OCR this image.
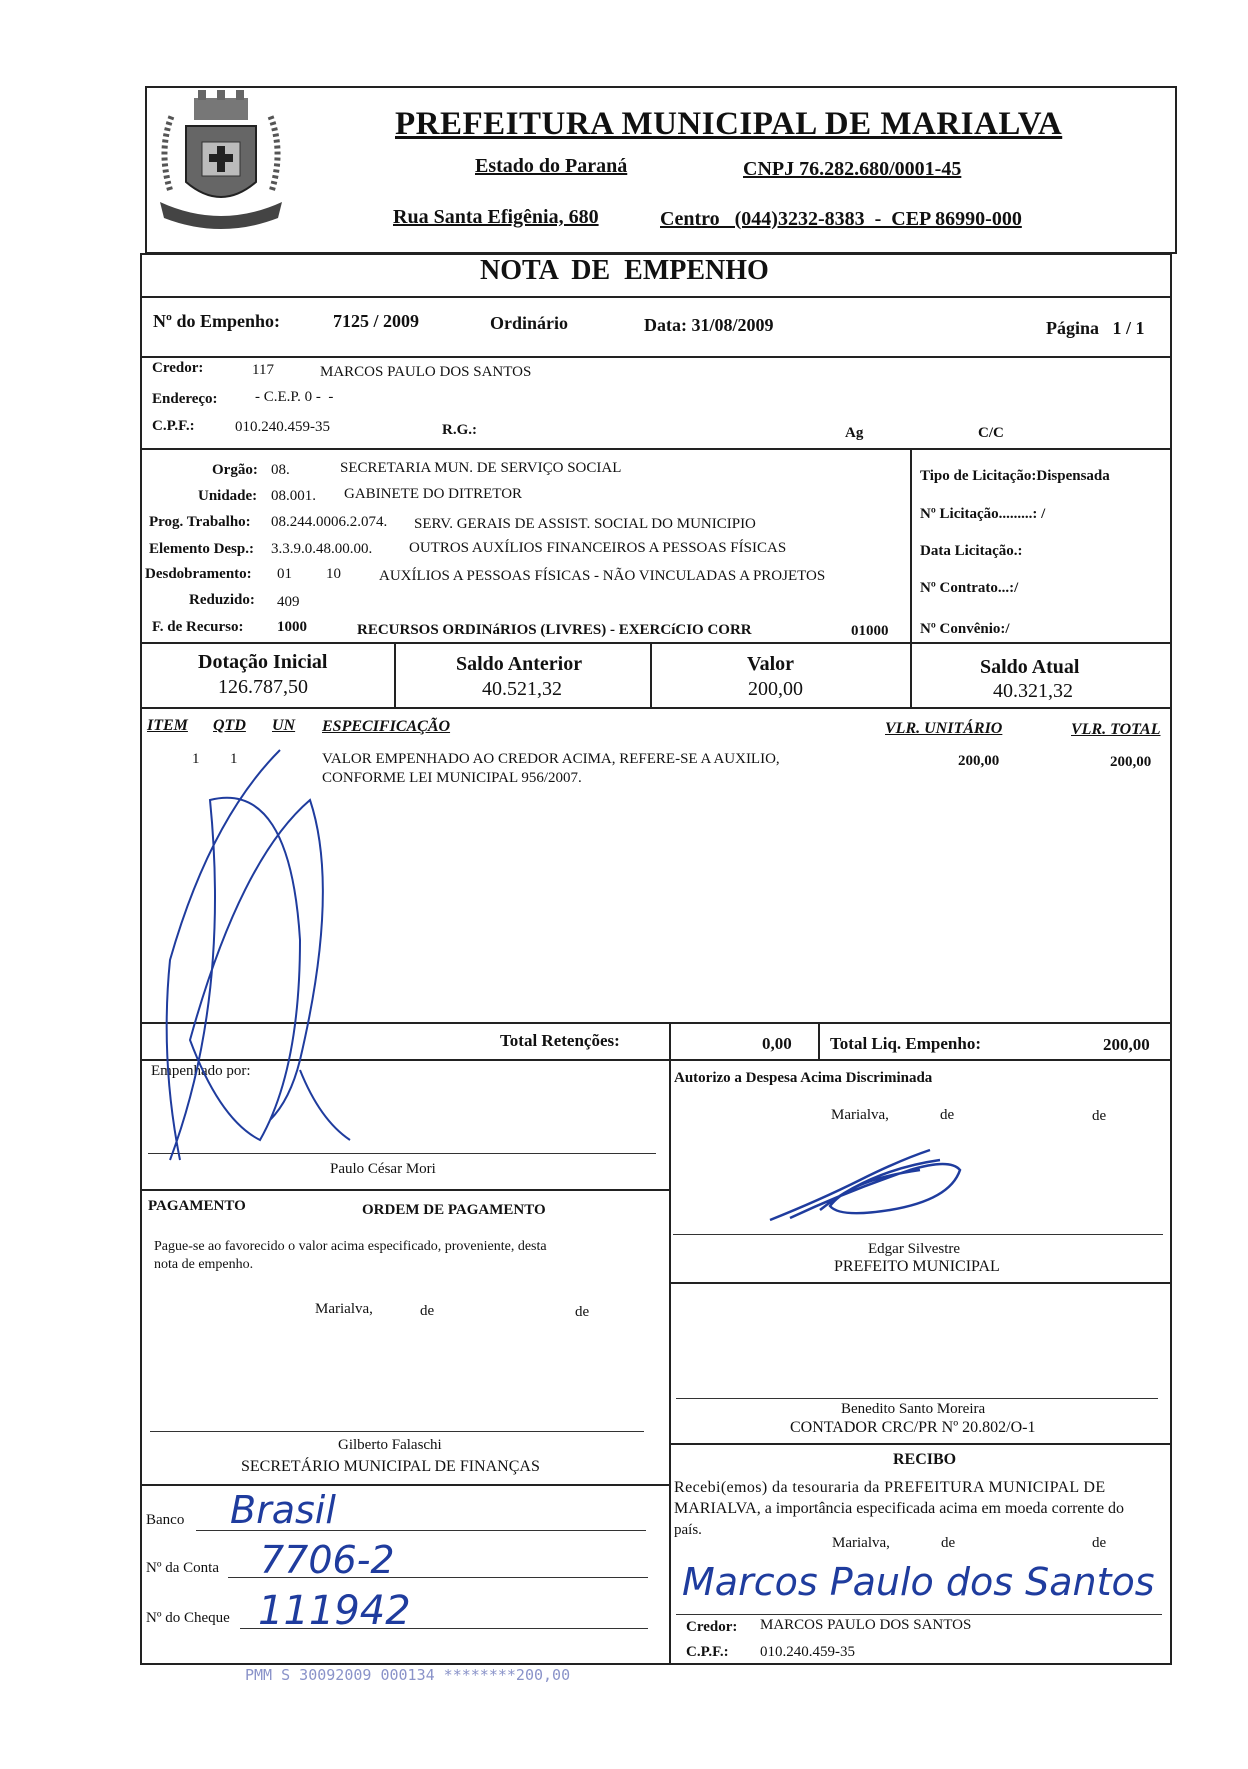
PREFEITURA MUNICIPAL DE MARIALVA
Estado do Paraná	CNPJ 76.282.680/0001-45
Rua Santa Efigênia, 680	Centro   (044)3232-8383  -  CEP 86990-000
NOTA  DE  EMPENHO
Nº do Empenho:	7125 / 2009	Ordinário	Data: 31/08/2009	Página   1 / 1
Credor:	117	MARCOS PAULO DOS SANTOS
Endereço: - C.E.P. 0 -  -
C.P.F.:	010.240.459-35	R.G.:	Ag	C/C
Orgão: 08.	SECRETARIA MUN. DE SERVIÇO SOCIAL
Unidade: 08.001. GABINETE DO DITRETOR
Prog. Trabalho: 08.244.0006.2.074. SERV. GERAIS DE ASSIST. SOCIAL DO MUNICIPIO
Elemento Desp.: 3.3.9.0.48.00.00. OUTROS AUXÍLIOS FINANCEIROS A PESSOAS FÍSICAS
Desdobramento: 01 10	AUXÍLIOS A PESSOAS FÍSICAS - NÃO VINCULADAS A PROJETOS
Reduzido: 409
F. de Recurso: 1000	RECURSOS ORDINáRIOS (LIVRES) - EXERCíCIO CORR	01000
Tipo de Licitação:Dispensada
Nº Licitação.........: /
Data Licitação.:
Nº Contrato...:/
Nº Convênio:/
Dotação Inicial
126.787,50
Saldo Anterior
40.521,32
Valor
200,00
Saldo Atual
40.321,32
ITEM QTD UN ESPECIFICAÇÃO	VLR. UNITÁRIO	VLR. TOTAL
1 1	VALOR EMPENHADO AO CREDOR ACIMA, REFERE-SE A AUXILIO,
CONFORME LEI MUNICIPAL 956/2007.
200,00	200,00
Total Retenções:	0,00 Total Liq. Empenho:	200,00
Empenhado por:
Paulo César Mori
PAGAMENTO	ORDEM DE PAGAMENTO
Pague-se ao favorecido o valor acima especificado, proveniente, desta
nota de empenho.
Marialva,	de	de
Gilberto Falaschi
SECRETÁRIO MUNICIPAL DE FINANÇAS
Banco Brasil
Nº da Conta 7706-2
Nº do Cheque 111942
Autorizo a Despesa Acima Discriminada
Marialva,	de	de
Edgar Silvestre
PREFEITO MUNICIPAL
Benedito Santo Moreira
CONTADOR CRC/PR Nº 20.802/O-1
RECIBO
Recebi(emos) da tesouraria da PREFEITURA MUNICIPAL DE
MARIALVA, a importância especificada acima em moeda corrente do
país.
Marialva,	de	de
Marcos Paulo dos Santos
Credor: MARCOS PAULO DOS SANTOS
C.P.F.: 010.240.459-35
PMM S 30092009 000134 ********200,00
